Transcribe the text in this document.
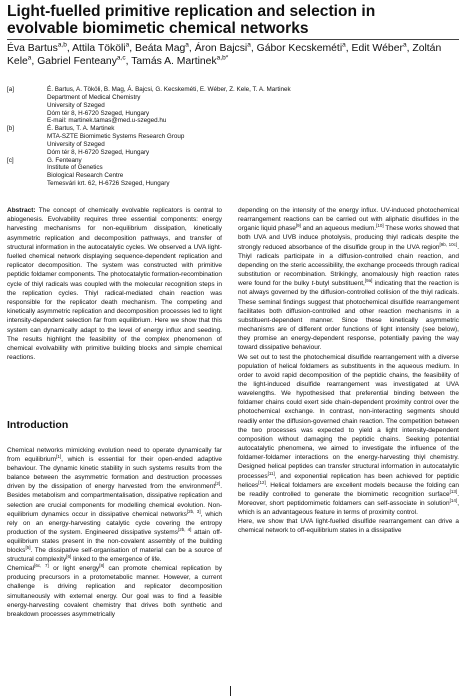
Light-fuelled primitive replication and selection in evolvable biomimetic chemical networks
Éva Bartus$^{a,b}$, Attila Tököli$^a$, Beáta Mag$^a$, Áron Bajcsi$^a$, Gábor Kecskeméti$^a$, Edit Wéber$^a$, Zoltán Kele$^a$, Gabriel Fenteany$^{a,c}$, Tamás A. Martinek$^{a,b*}$
[a]	É. Bartus, A. Tököli, B. Mag, Á. Bajcsi, G. Kecskeméti, E. Wéber, Z. Kele, T. A. Martinek
Department of Medical Chemistry
University of Szeged
Dóm tér 8, H-6720 Szeged, Hungary
E-mail: martinek.tamas@med.u-szeged.hu
[b]	É. Bartus, T. A. Martinek
MTA-SZTE Biomimetic Systems Research Group
University of Szeged
Dóm tér 8, H-6720 Szeged, Hungary
[c]	G. Fenteany
Institute of Genetics
Biological Research Centre
Temesvári krt. 62, H-6726 Szeged, Hungary
Abstract: The concept of chemically evolvable replicators is central to abiogenesis. Evolvability requires three essential components: energy harvesting mechanisms for non-equilibrium dissipation, kinetically asymmetric replication and decomposition pathways, and transfer of structural information in the autocatalytic cycles. We observed a UVA light-fuelled chemical network displaying sequence-dependent replication and replicator decomposition. The system was constructed with primitive peptidic foldamer components. The photocatalytic formation-recombination cycle of thiyl radicals was coupled with the molecular recognition steps in the replication cycles. Thiyl radical-mediated chain reaction was responsible for the replicator death mechanism. The competing and kinetically asymmetric replication and decomposition processes led to light intensity-dependent selection far from equilibrium. Here we show that this system can dynamically adapt to the level of energy influx and seeding. The results highlight the feasibility of the complex phenomenon of chemical evolvability with primitive building blocks and simple chemical reactions.
Introduction

Chemical networks mimicking evolution need to operate dynamically far from equilibrium[1], which is essential for their open-ended adaptive behaviour. The dynamic kinetic stability in such systems results from the balance between the asymmetric formation and destruction processes driven by the dissipation of energy harvested from the environment[2]. Besides metabolism and compartmentalisation, dissipative replication and selection are crucial components for modelling chemical evolution. Non-equilibrium dynamics occur in dissipative chemical networks[2b, 3], which rely on an energy-harvesting catalytic cycle covering the entropy production of the system. Engineered dissipative systems[2b, 4] attain off-equilibrium states present in the non-covalent assembly of the building blocks[5]. The dissipative self-organisation of material can be a source of structural complexity[6] linked to the emergence of life.

Chemical[6c, 7] or light energy[8] can promote chemical replication by producing precursors in a protometabolic manner. However, a current challenge is driving replication and replicator decomposition simultaneously with external energy. Our goal was to find a feasible energy-harvesting covalent chemistry that drives both synthetic and breakdown processes asymmetrically

depending on the intensity of the energy influx. UV-induced photochemical rearrangement reactions can be carried out with aliphatic disulfides in the organic liquid phase[9] and an aqueous medium.[10] These works showed that both UVA and UVB induce photolysis, producing thiyl radicals despite the strongly reduced absorbance of the disulfide group in the UVA region[9b, 10c]. Thiyl radicals participate in a diffusion-controlled chain reaction, and depending on the steric accessibility, the exchange proceeds through radical substitution or recombination. Strikingly, anomalously high reaction rates were found for the bulky t-butyl substituent,[9a] indicating that the reaction is not always governed by the diffusion-controlled collision of the thiyl radicals. These seminal findings suggest that photochemical disulfide rearrangement facilitates both diffusion-controlled and other reaction mechanisms in a substituent-dependent manner. Since these kinetically asymmetric mechanisms are of different order functions of light intensity (see below), they promise an energy-dependent response, potentially paving the way toward dissipative behaviour.

We set out to test the photochemical disulfide rearrangement with a diverse population of helical foldamers as substituents in the aqueous medium. In order to avoid rapid decomposition of the peptidic chains, the feasibility of the light-induced disulfide rearrangement was investigated at UVA wavelengths. We hypothesised that preferential binding between the foldamer chains could exert side chain-dependent proximity control over the photochemical exchange. In contrast, non-interacting segments should readily enter the diffusion-governed chain reaction. The competition between the two processes was expected to yield a light intensity-dependent composition without damaging the peptidic chains. Seeking potential autocatalytic phenomena, we aimed to investigate the influence of the foldamer-foldamer interactions on the energy-harvesting thiyl chemistry. Designed helical peptides can transfer structural information in autocatalytic processes[11], and exponential replication has been achieved for peptidic helices[12]. Helical foldamers are excellent models because the folding can be readily controlled to generate the biomimetic recognition surface[13]. Moreover, short peptidomimetic foldamers can self-associate in solution[14], which is an advantageous feature in terms of proximity control.

Here, we show that UVA light-fuelled disulfide rearrangement can drive a chemical network to off-equilibrium states in a dissipative
